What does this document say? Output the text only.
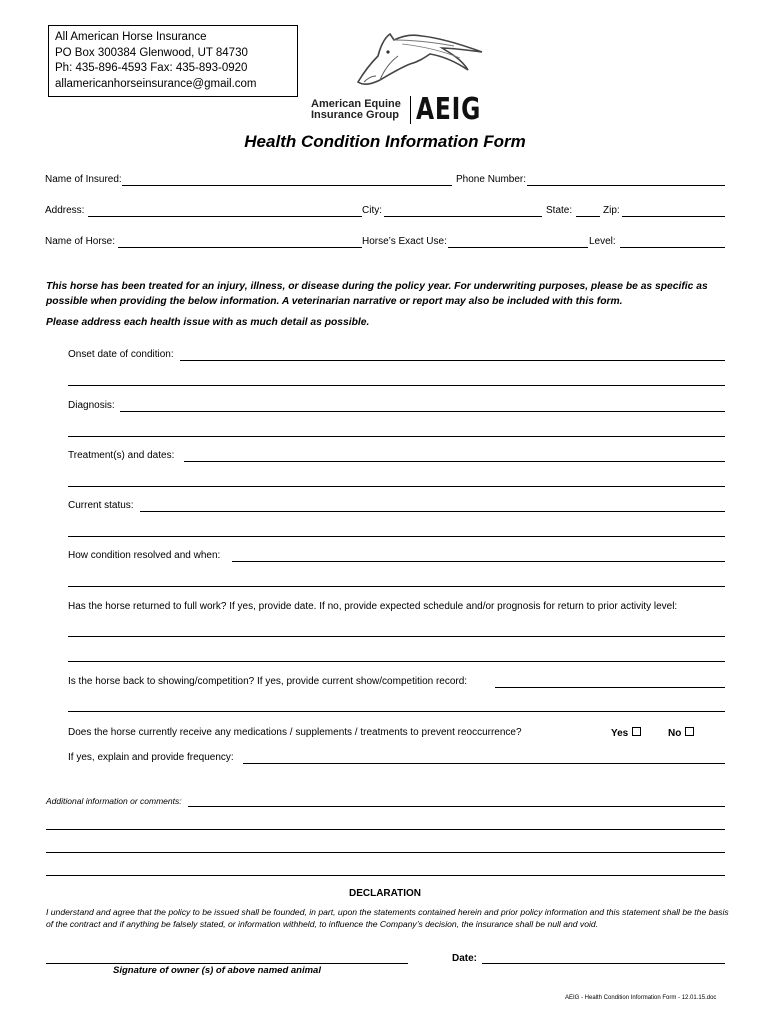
All American Horse Insurance
PO Box 300384 Glenwood, UT 84730
Ph: 435-896-4593 Fax: 435-893-0920
allamericanhorseinsurance@gmail.com
American Equine
Insurance Group AEIG
Health Condition Information Form
Name of Insured:	Phone Number:
Address:	City:	State:	Zip:
Name of Horse:	Horse’s Exact Use:	Level:
This horse has been treated for an injury, illness, or disease during the policy year. For underwriting purposes, please be as specific as possible when providing the below information. A veterinarian narrative or report may also be included with this form.
Please address each health issue with as much detail as possible.
Onset date of condition:
Diagnosis:
Treatment(s) and dates:
Current status:
How condition resolved and when:
Has the horse returned to full work? If yes, provide date. If no, provide expected schedule and/or prognosis for return to prior activity level:
Is the horse back to showing/competition? If yes, provide current show/competition record:
Does the horse currently receive any medications / supplements / treatments to prevent reoccurrence?	Yes	No
If yes, explain and provide frequency:
Additional information or comments:
DECLARATION
I understand and agree that the policy to be issued shall be founded, in part, upon the statements contained herein and prior policy information and this statement shall be the basis of the contract and if anything be falsely stated, or information withheld, to influence the Company’s decision, the insurance shall be null and void.
Signature of owner (s) of above named animal
Date:
AEIG - Health Condition Information Form - 12.01.15.doc
